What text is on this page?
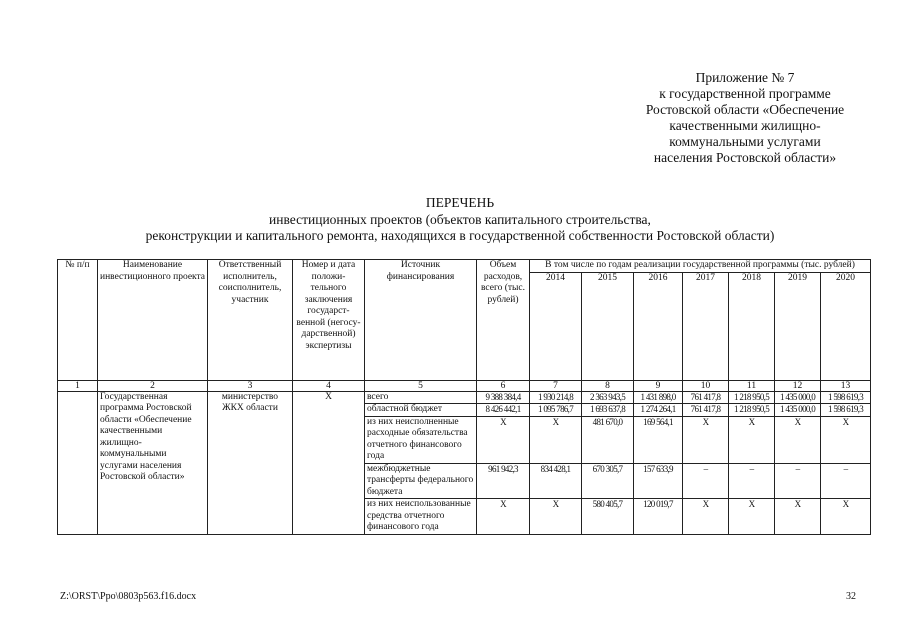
Приложение № 7
к государственной программе
Ростовской области «Обеспечение
качественными жилищно-
коммунальными услугами
населения Ростовской области»
ПЕРЕЧЕНЬ
инвестиционных проектов (объектов капитального строительства,
реконструкции и капитального ремонта, находящихся в государственной собственности Ростовской области)
№ п/п	Наименование инвестиционного проекта	Ответственный исполнитель, соисполнитель, участник	Номер и дата положи-тельного заключения государст-венной (негосу-дарственной) экспертизы	Источник финансирования	Объем расходов, всего (тыс. рублей)	В том числе по годам реализации государственной программы (тыс. рублей)						
						2014	2015	2016	2017	2018	2019	2020
1	2	3	4	5	6	7	8	9	10	11	12	13
	Государственная программа Ростовской области «Обеспечение качественными жилищно-коммунальными услугами населения Ростовской области»	министерство ЖКХ области	Х	всего	9 388 384,4	1 930 214,8	2 363 943,5	1 431 898,0	761 417,8	1 218 950,5	1 435 000,0	1 598 619,3
				областной бюджет	8 426 442,1	1 095 786,7	1 693 637,8	1 274 264,1	761 417,8	1 218 950,5	1 435 000,0	1 598 619,3
				из них неисполненные расходные обязательства отчетного финансового года	Х	Х	481 670,0	169 564,1	Х	Х	Х	Х
				межбюджетные трансферты федерального бюджета	961 942,3	834 428,1	670 305,7	157 633,9	–	–	–	–
				из них неиспользованные средства отчетного финансового года	Х	Х	580 405,7	120 019,7	Х	Х	Х	Х
Z:\ORST\Ppo\0803p563.f16.docx	32
